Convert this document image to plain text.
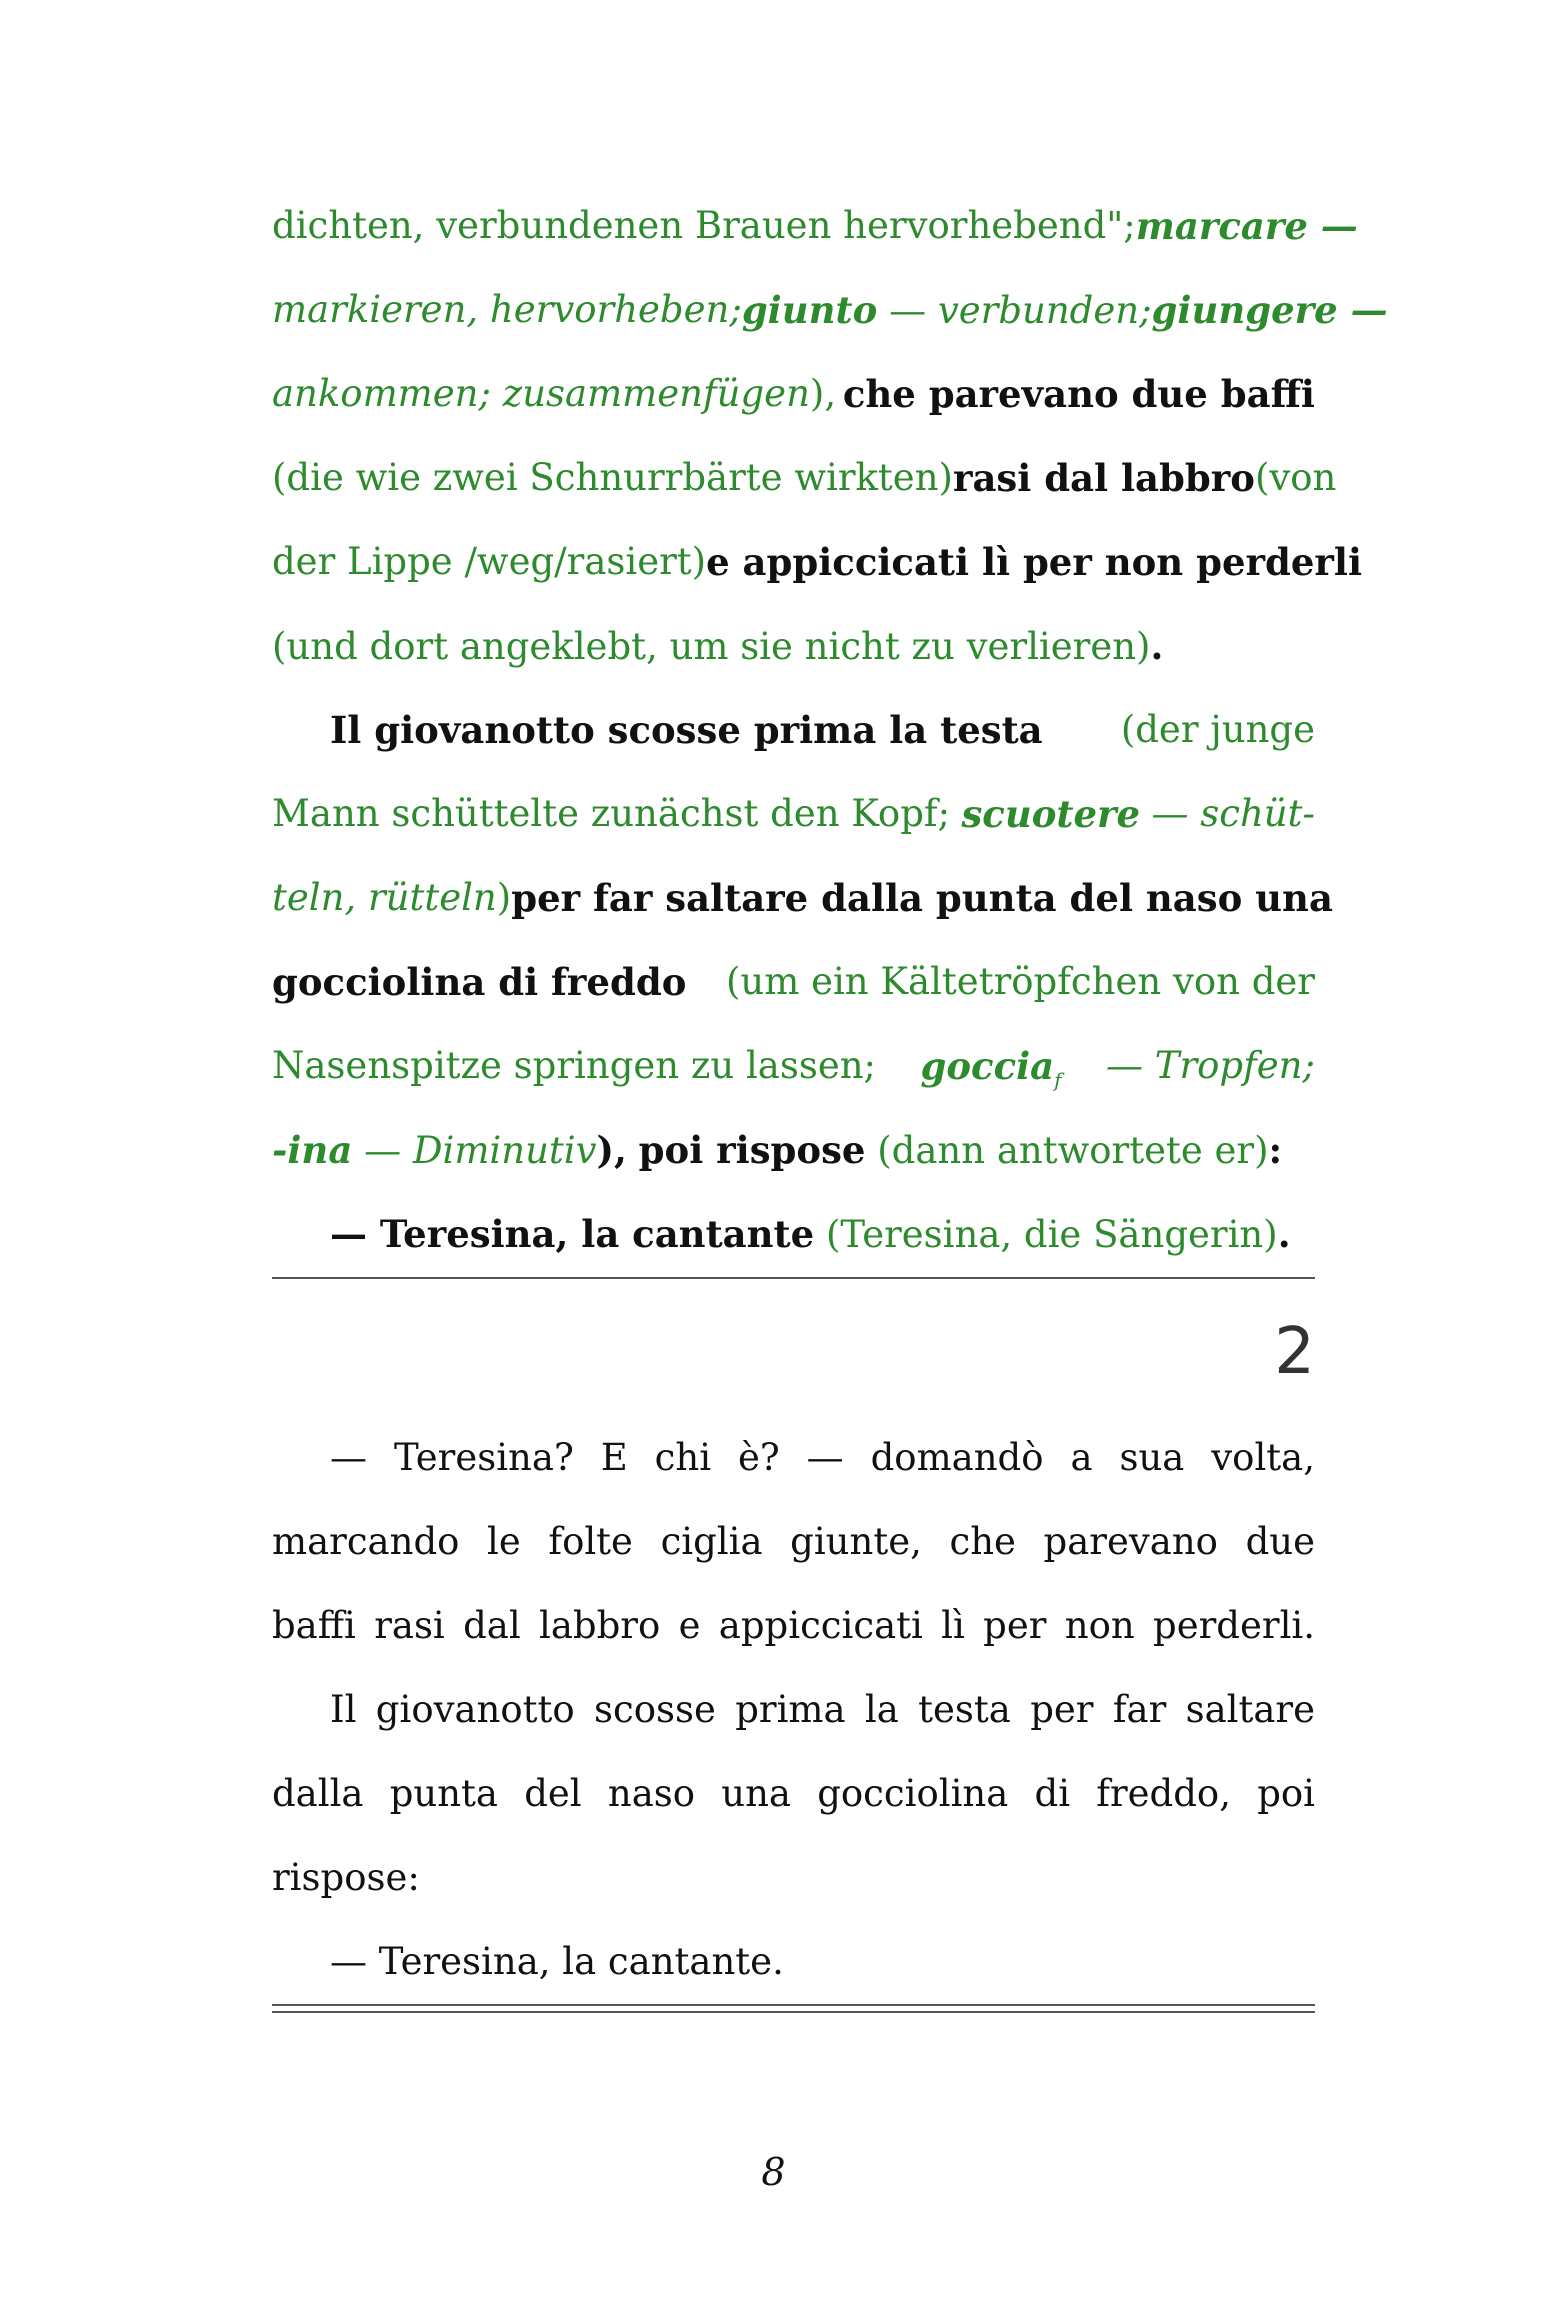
dichten, verbundenen Brauen hervorhebend"; marcare —
markieren, hervorheben; giunto — verbunden; giungere —
ankommen; zusammenfügen), che parevano due baffi
(die wie zwei Schnurrbärte wirkten) rasi dal labbro (von
der Lippe /weg/rasiert) e appiccicati lì per non perderli
(und dort angeklebt, um sie nicht zu verlieren).
Il giovanotto scosse prima la testa (der junge
Mann schüttelte zunächst den Kopf; scuotere — schüt-
teln, rütteln) per far saltare dalla punta del naso una
gocciolina di freddo (um ein Kältetröpfchen von der
Nasenspitze springen zu lassen; goccia$_f$ — Tropfen;
-ina — Diminutiv), poi rispose (dann antwortete er):
— Teresina, la cantante (Teresina, die Sängerin).
2
— Teresina? E chi è? — domandò a sua volta,
marcando le folte ciglia giunte, che parevano due
baffi rasi dal labbro e appiccicati lì per non perderli.
Il giovanotto scosse prima la testa per far saltare
dalla punta del naso una gocciolina di freddo, poi
rispose:
— Teresina, la cantante.
8
